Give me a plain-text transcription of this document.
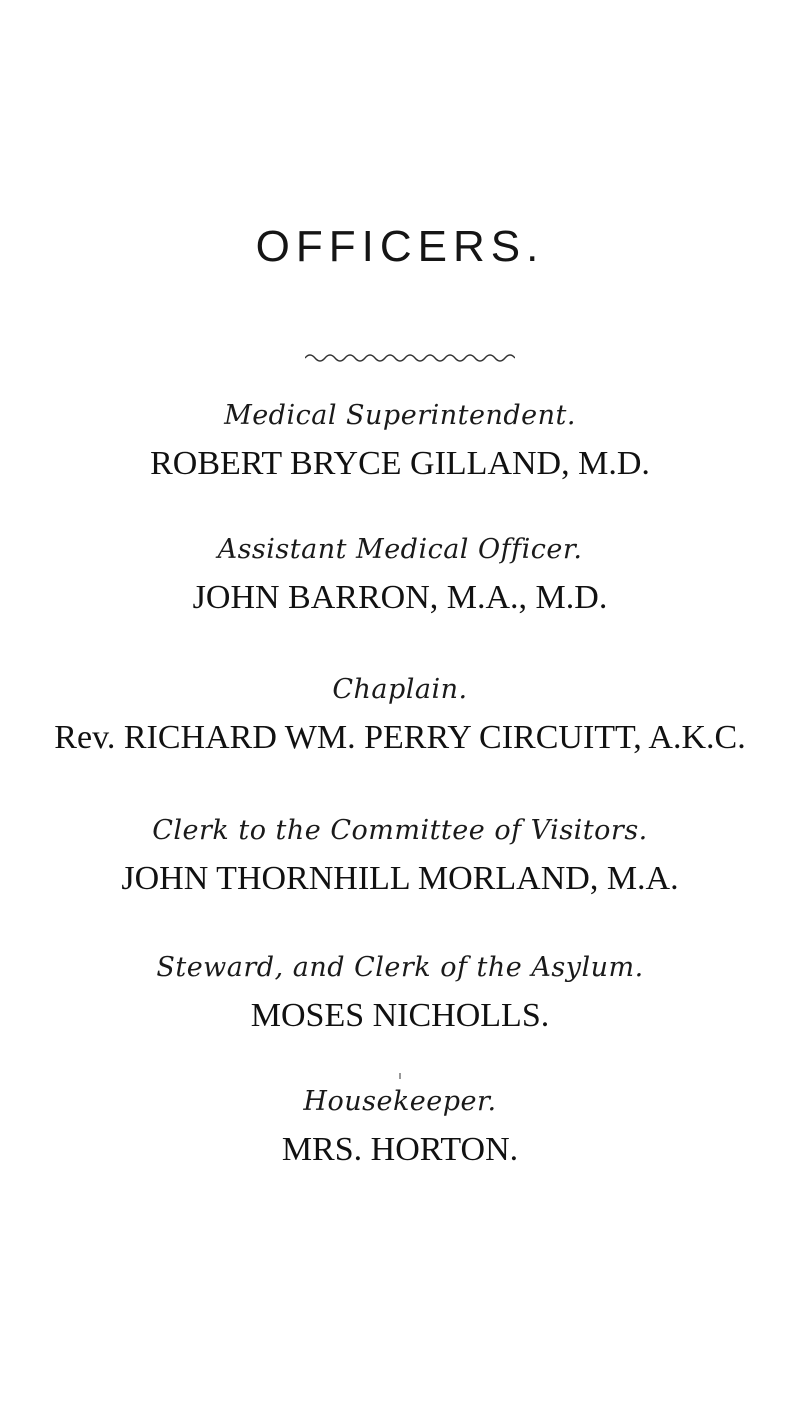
OFFICERS.
Medical Superintendent.
ROBERT BRYCE GILLAND, M.D.
Assistant Medical Officer.
JOHN BARRON, M.A., M.D.
Chaplain.
Rev. RICHARD WM. PERRY CIRCUITT, A.K.C.
Clerk to the Committee of Visitors.
JOHN THORNHILL MORLAND, M.A.
Steward, and Clerk of the Asylum.
MOSES NICHOLLS.
Housekeeper.
MRS. HORTON.
